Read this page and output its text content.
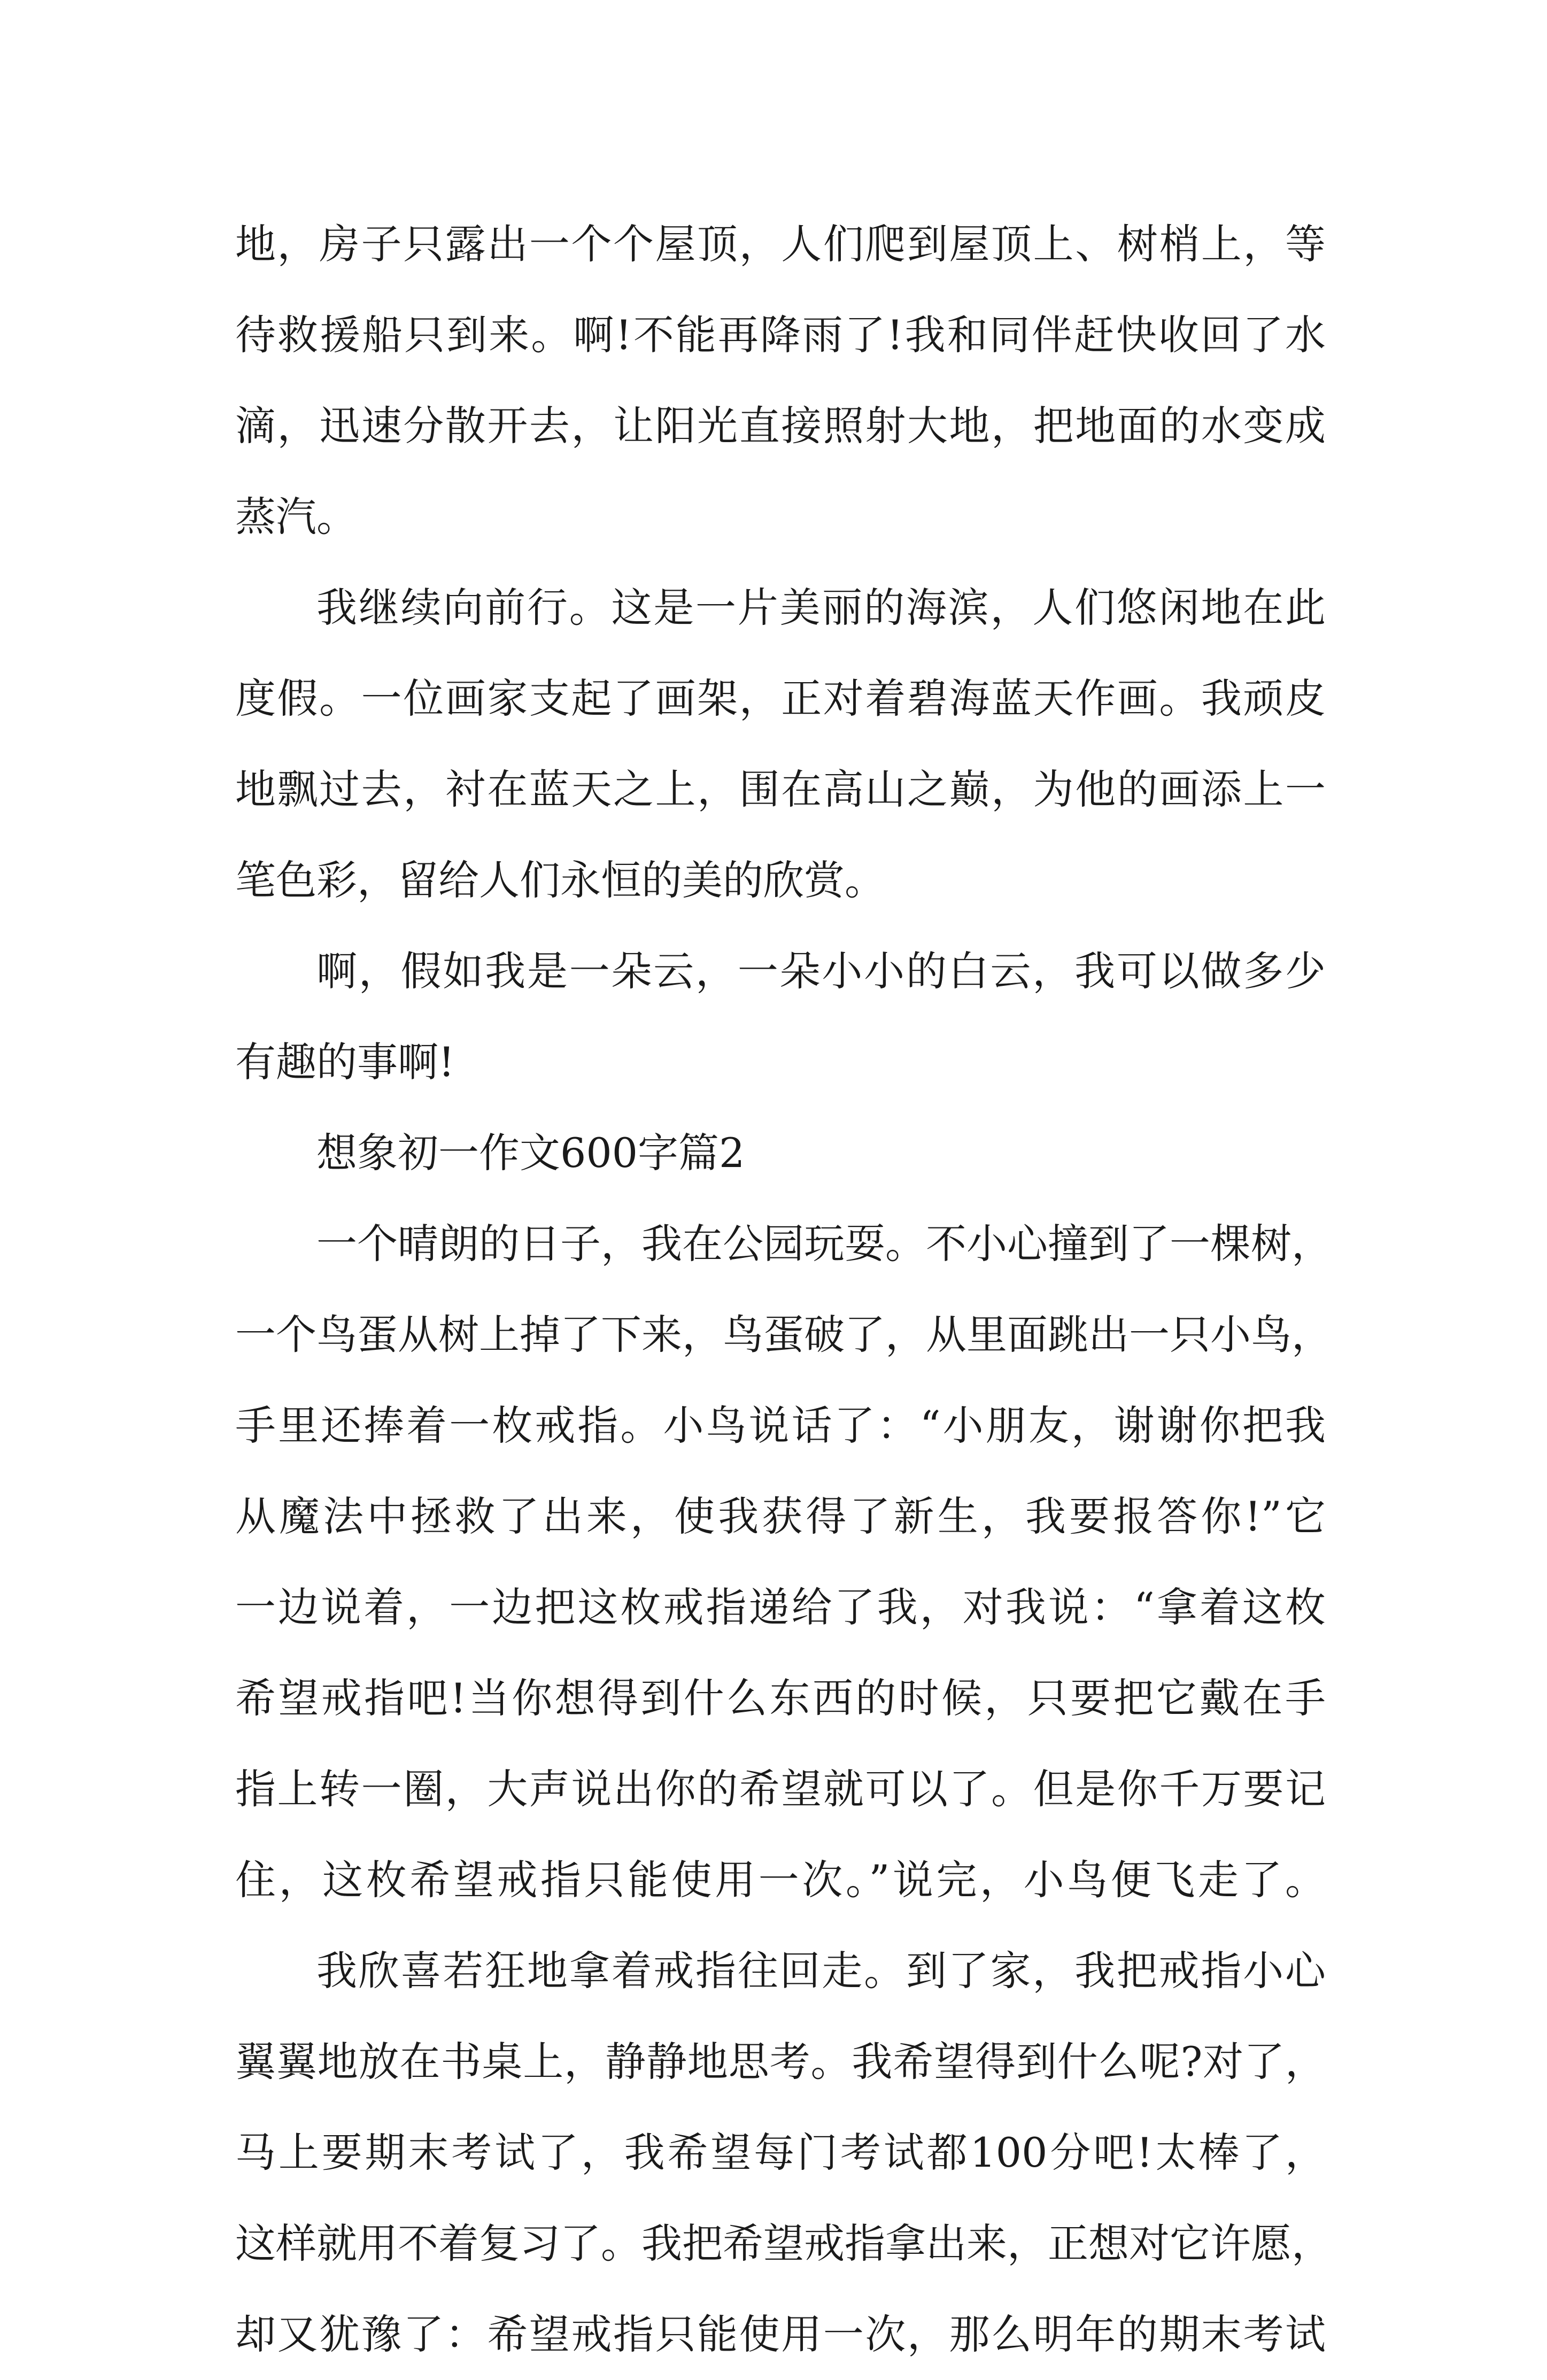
地，房子只露出一个个屋顶，人们爬到屋顶上、树梢上，等
待救援船只到来。啊!不能再降雨了!我和同伴赶快收回了水
滴，迅速分散开去，让阳光直接照射大地，把地面的水变成
蒸汽。
我继续向前行。这是一片美丽的海滨，人们悠闲地在此
度假。一位画家支起了画架，正对着碧海蓝天作画。我顽皮
地飘过去，衬在蓝天之上，围在高山之巅，为他的画添上一
笔色彩，留给人们永恒的美的欣赏。
啊，假如我是一朵云，一朵小小的白云，我可以做多少
有趣的事啊!
想象初一作文600字篇2
一个晴朗的日子，我在公园玩耍。不小心撞到了一棵树，
一个鸟蛋从树上掉了下来，鸟蛋破了，从里面跳出一只小鸟，
手里还捧着一枚戒指。小鸟说话了：“小朋友，谢谢你把我
从魔法中拯救了出来，使我获得了新生，我要报答你!”它
一边说着，一边把这枚戒指递给了我，对我说：“拿着这枚
希望戒指吧!当你想得到什么东西的时候，只要把它戴在手
指上转一圈，大声说出你的希望就可以了。但是你千万要记
住，这枚希望戒指只能使用一次。”说完，小鸟便飞走了。
我欣喜若狂地拿着戒指往回走。到了家，我把戒指小心
翼翼地放在书桌上，静静地思考。我希望得到什么呢?对了，
马上要期末考试了，我希望每门考试都100分吧!太棒了，
这样就用不着复习了。我把希望戒指拿出来，正想对它许愿，
却又犹豫了：希望戒指只能使用一次，那么明年的期末考试
